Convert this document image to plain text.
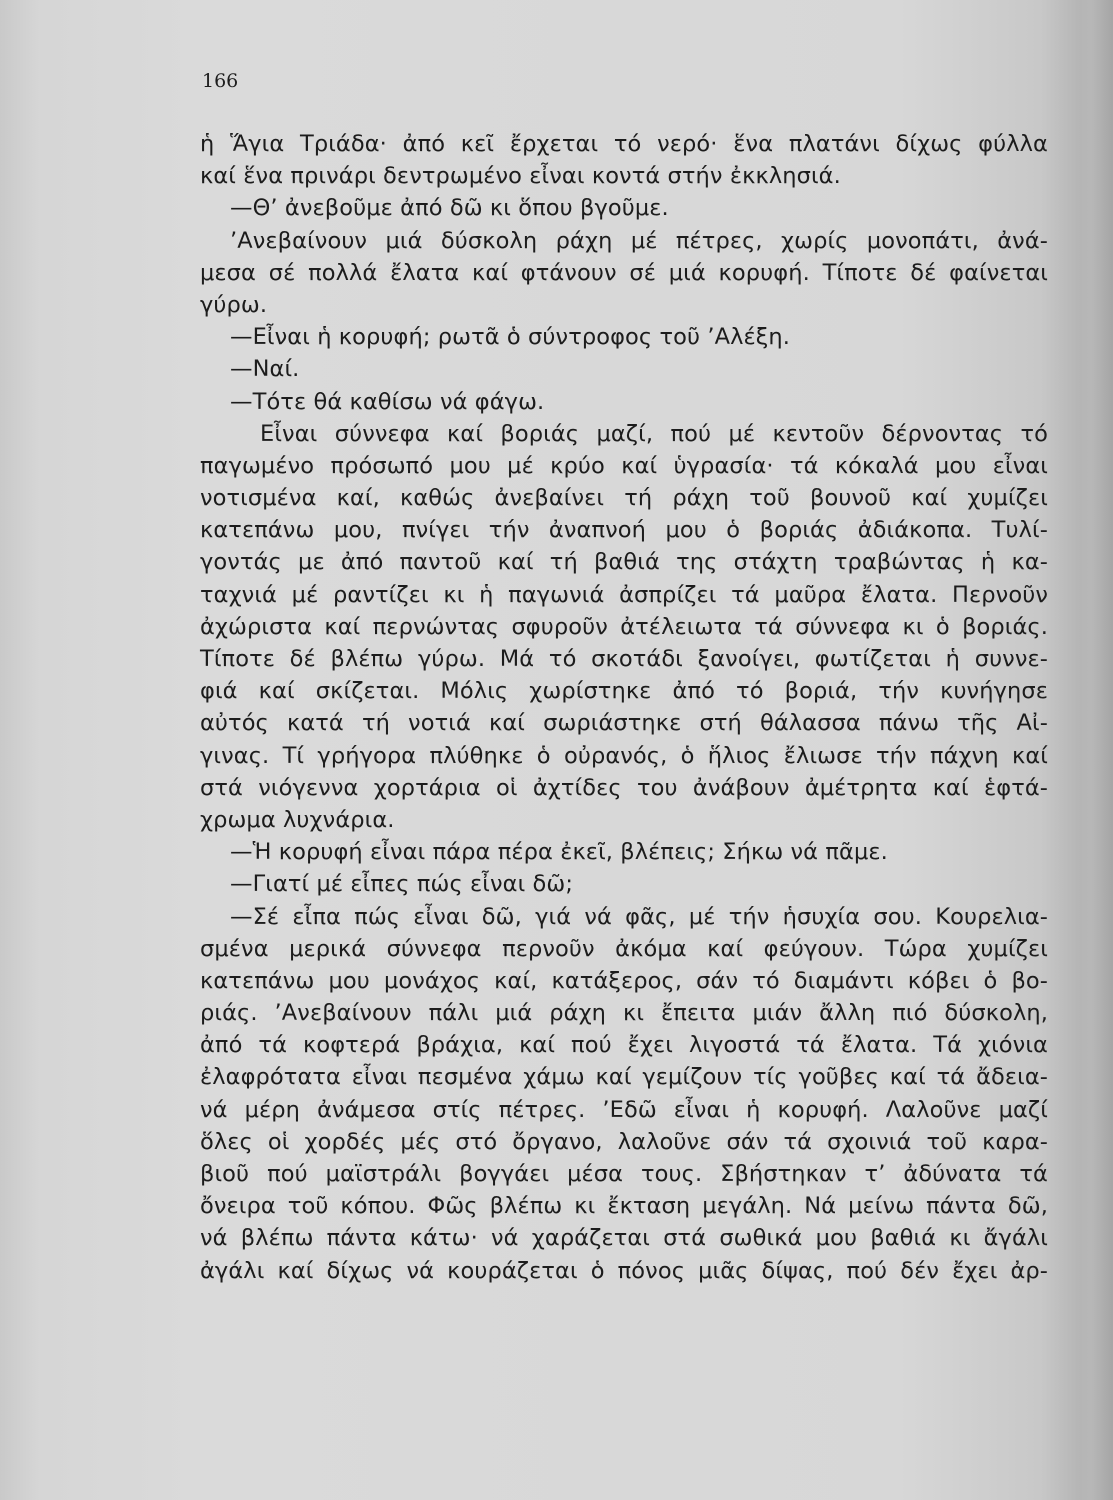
166
ἡ Ἅγια Τριάδα· ἀπό κεῖ ἔρχεται τό νερό· ἕνα πλατάνι δίχως φύλλα
καί ἕνα πρινάρι δεντρωμένο εἶναι κοντά στήν ἐκκλησιά.
—Θ’ ἀνεβοῦμε ἀπό δῶ κι ὅπου βγοῦμε.
’Ανεβαίνουν μιά δύσκολη ράχη μέ πέτρες, χωρίς μονοπάτι, ἀνά-
μεσα σέ πολλά ἔλατα καί φτάνουν σέ μιά κορυφή. Τίποτε δέ φαίνεται
γύρω.
—Εἶναι ἡ κορυφή; ρωτᾶ ὁ σύντροφος τοῦ ’Αλέξη.
—Ναί.
—Τότε θά καθίσω νά φάγω.
Εἶναι σύννεφα καί βοριάς μαζί, πού μέ κεντοῦν δέρνοντας τό
παγωμένο πρόσωπό μου μέ κρύο καί ὑγρασία· τά κόκαλά μου εἶναι
νοτισμένα καί, καθώς ἀνεβαίνει τή ράχη τοῦ βουνοῦ καί χυμίζει
κατεπάνω μου, πνίγει τήν ἀναπνοή μου ὁ βοριάς ἀδιάκοπα. Τυλί-
γοντάς με ἀπό παντοῦ καί τή βαθιά της στάχτη τραβώντας ἡ κα-
ταχνιά μέ ραντίζει κι ἡ παγωνιά ἀσπρίζει τά μαῦρα ἔλατα. Περνοῦν
ἀχώριστα καί περνώντας σφυροῦν ἀτέλειωτα τά σύννεφα κι ὁ βοριάς.
Τίποτε δέ βλέπω γύρω. Μά τό σκοτάδι ξανοίγει, φωτίζεται ἡ συννε-
φιά καί σκίζεται. Μόλις χωρίστηκε ἀπό τό βοριά, τήν κυνήγησε
αὐτός κατά τή νοτιά καί σωριάστηκε στή θάλασσα πάνω τῆς Αἰ-
γινας. Τί γρήγορα πλύθηκε ὁ οὐρανός, ὁ ἥλιος ἔλιωσε τήν πάχνη καί
στά νιόγεννα χορτάρια οἱ ἀχτίδες του ἀνάβουν ἀμέτρητα καί ἑφτά-
χρωμα λυχνάρια.
—Ἡ κορυφή εἶναι πάρα πέρα ἐκεῖ, βλέπεις; Σήκω νά πᾶμε.
—Γιατί μέ εἶπες πώς εἶναι δῶ;
—Σέ εἶπα πώς εἶναι δῶ, γιά νά φᾶς, μέ τήν ἡσυχία σου. Κουρελια-
σμένα μερικά σύννεφα περνοῦν ἀκόμα καί φεύγουν. Τώρα χυμίζει
κατεπάνω μου μονάχος καί, κατάξερος, σάν τό διαμάντι κόβει ὁ βο-
ριάς. ’Ανεβαίνουν πάλι μιά ράχη κι ἔπειτα μιάν ἄλλη πιό δύσκολη,
ἀπό τά κοφτερά βράχια, καί πού ἔχει λιγοστά τά ἔλατα. Τά χιόνια
ἐλαφρότατα εἶναι πεσμένα χάμω καί γεμίζουν τίς γοῦβες καί τά ἄδεια-
νά μέρη ἀνάμεσα στίς πέτρες. ’Εδῶ εἶναι ἡ κορυφή. Λαλοῦνε μαζί
ὅλες οἱ χορδές μές στό ὄργανο, λαλοῦνε σάν τά σχοινιά τοῦ καρα-
βιοῦ πού μαϊστράλι βογγάει μέσα τους. Σβήστηκαν τ’ ἀδύνατα τά
ὄνειρα τοῦ κόπου. Φῶς βλέπω κι ἔκταση μεγάλη. Νά μείνω πάντα δῶ,
νά βλέπω πάντα κάτω· νά χαράζεται στά σωθικά μου βαθιά κι ἄγάλι
ἀγάλι καί δίχως νά κουράζεται ὁ πόνος μιᾶς δίψας, πού δέν ἔχει ἀρ-
